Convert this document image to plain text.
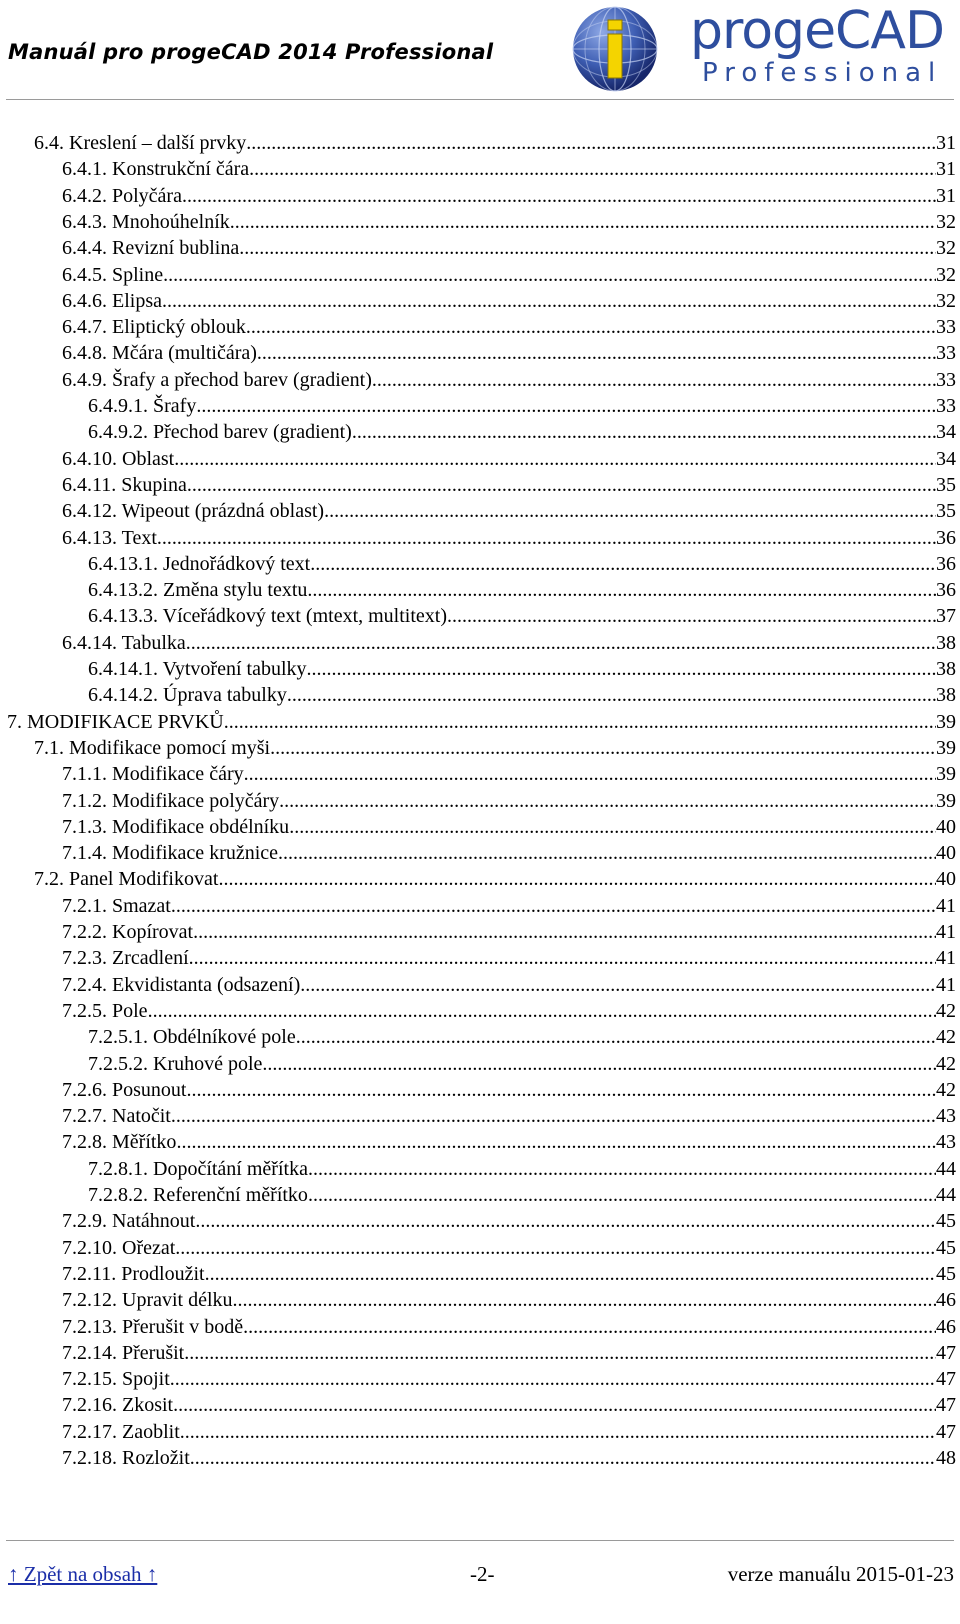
Manuál pro progeCAD 2014 Professional	progeCAD
Professional
6.4. Kreslení – další prvky .....	31
6.4.1. Konstrukční čára .....	31
6.4.2. Polyčára .....	31
6.4.3. Mnohoúhelník .....	32
6.4.4. Revizní bublina .....	32
6.4.5. Spline .....	32
6.4.6. Elipsa .....	32
6.4.7. Eliptický oblouk .....	33
6.4.8. Mčára (multičára) .....	33
6.4.9. Šrafy a přechod barev (gradient) .....	33
6.4.9.1. Šrafy .....	33
6.4.9.2. Přechod barev (gradient) .....	34
6.4.10. Oblast .....	34
6.4.11. Skupina .....	35
6.4.12. Wipeout (prázdná oblast) .....	35
6.4.13. Text .....	36
6.4.13.1. Jednořádkový text .....	36
6.4.13.2. Změna stylu textu .....	36
6.4.13.3. Víceřádkový text (mtext, multitext) .....	37
6.4.14. Tabulka .....	38
6.4.14.1. Vytvoření tabulky .....	38
6.4.14.2. Úprava tabulky .....	38
7. MODIFIKACE PRVKŮ .....	39
7.1. Modifikace pomocí myši .....	39
7.1.1. Modifikace čáry .....	39
7.1.2. Modifikace polyčáry .....	39
7.1.3. Modifikace obdélníku .....	40
7.1.4. Modifikace kružnice .....	40
7.2. Panel Modifikovat .....	40
7.2.1. Smazat .....	41
7.2.2. Kopírovat .....	41
7.2.3. Zrcadlení .....	41
7.2.4. Ekvidistanta (odsazení) .....	41
7.2.5. Pole .....	42
7.2.5.1. Obdélníkové pole .....	42
7.2.5.2. Kruhové pole .....	42
7.2.6. Posunout .....	42
7.2.7. Natočit .....	43
7.2.8. Měřítko .....	43
7.2.8.1. Dopočítání měřítka .....	44
7.2.8.2. Referenční měřítko .....	44
7.2.9. Natáhnout .....	45
7.2.10. Ořezat .....	45
7.2.11. Prodloužit .....	45
7.2.12. Upravit délku .....	46
7.2.13. Přerušit v bodě .....	46
7.2.14. Přerušit .....	47
7.2.15. Spojit .....	47
7.2.16. Zkosit .....	47
7.2.17. Zaoblit .....	47
7.2.18. Rozložit .....	48
↑ Zpět na obsah ↑	-2-	verze manuálu 2015-01-23
